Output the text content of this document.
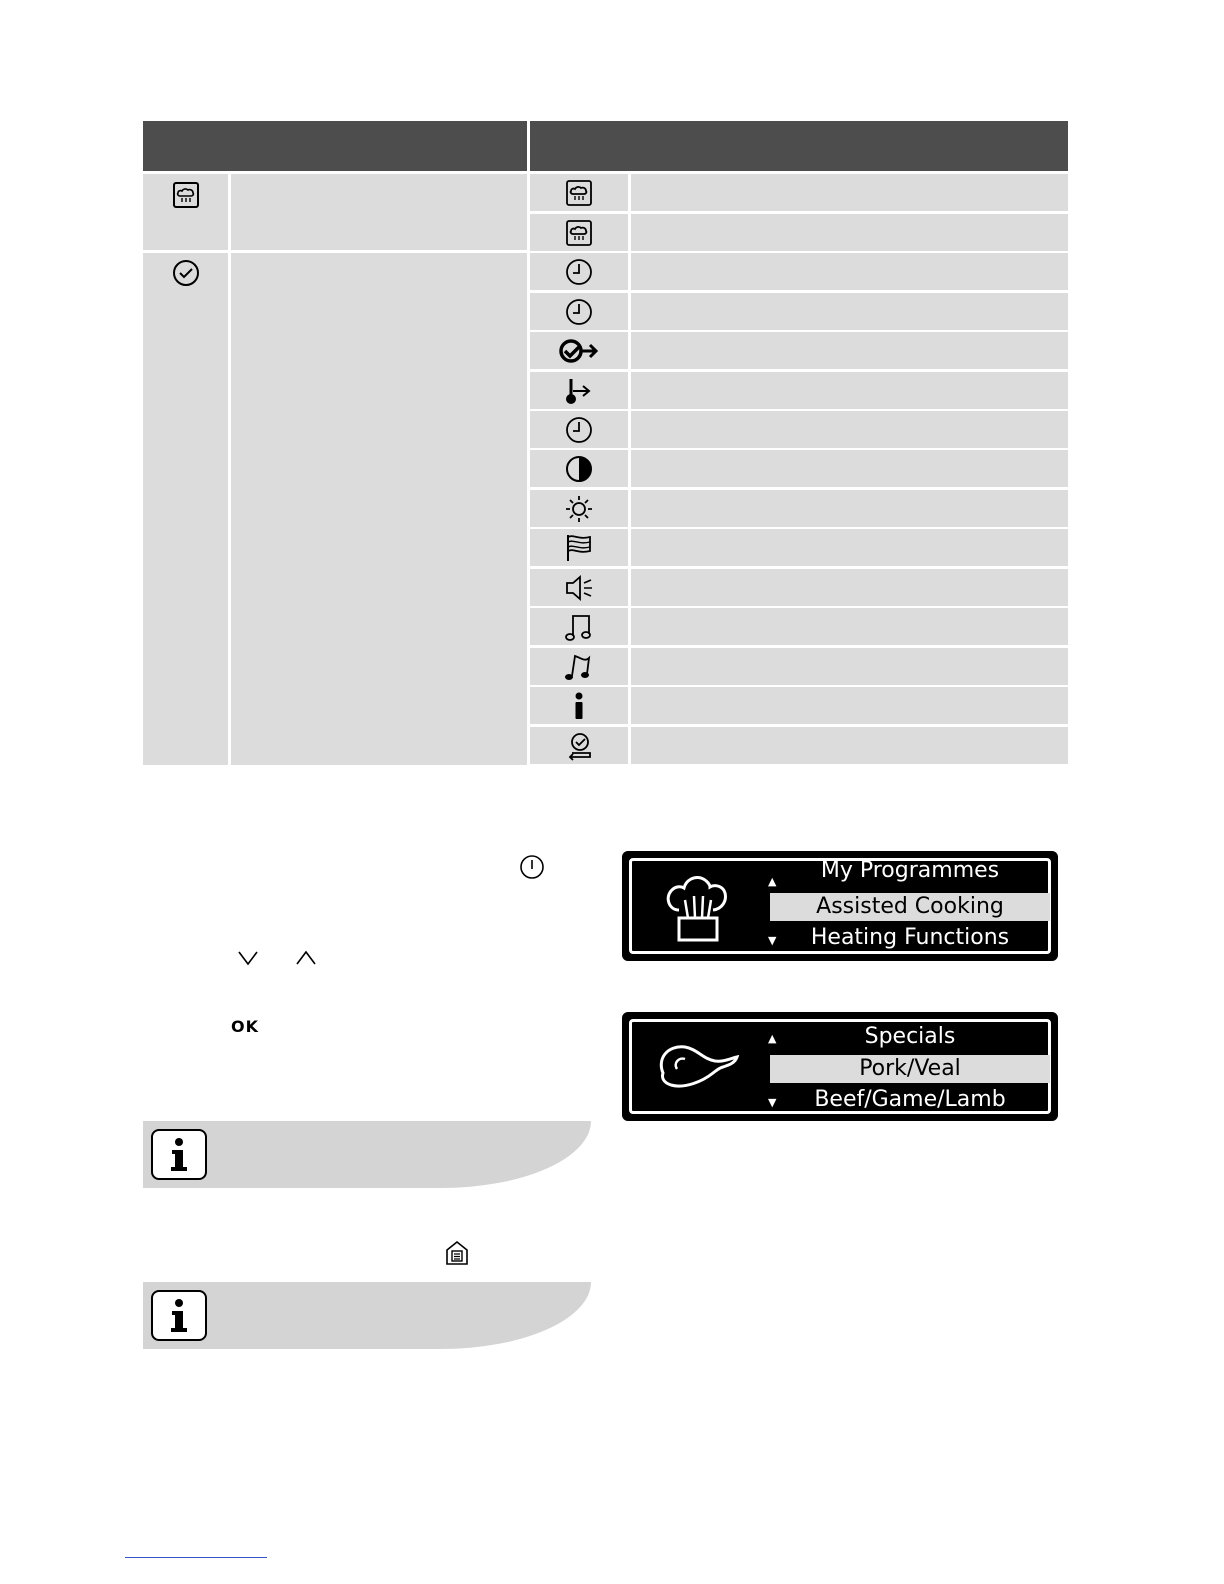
OK
▲
▼
My Programmes
Assisted Cooking
Heating Functions
▲
▼
Specials
Pork/Veal
Beef/Game/Lamb
